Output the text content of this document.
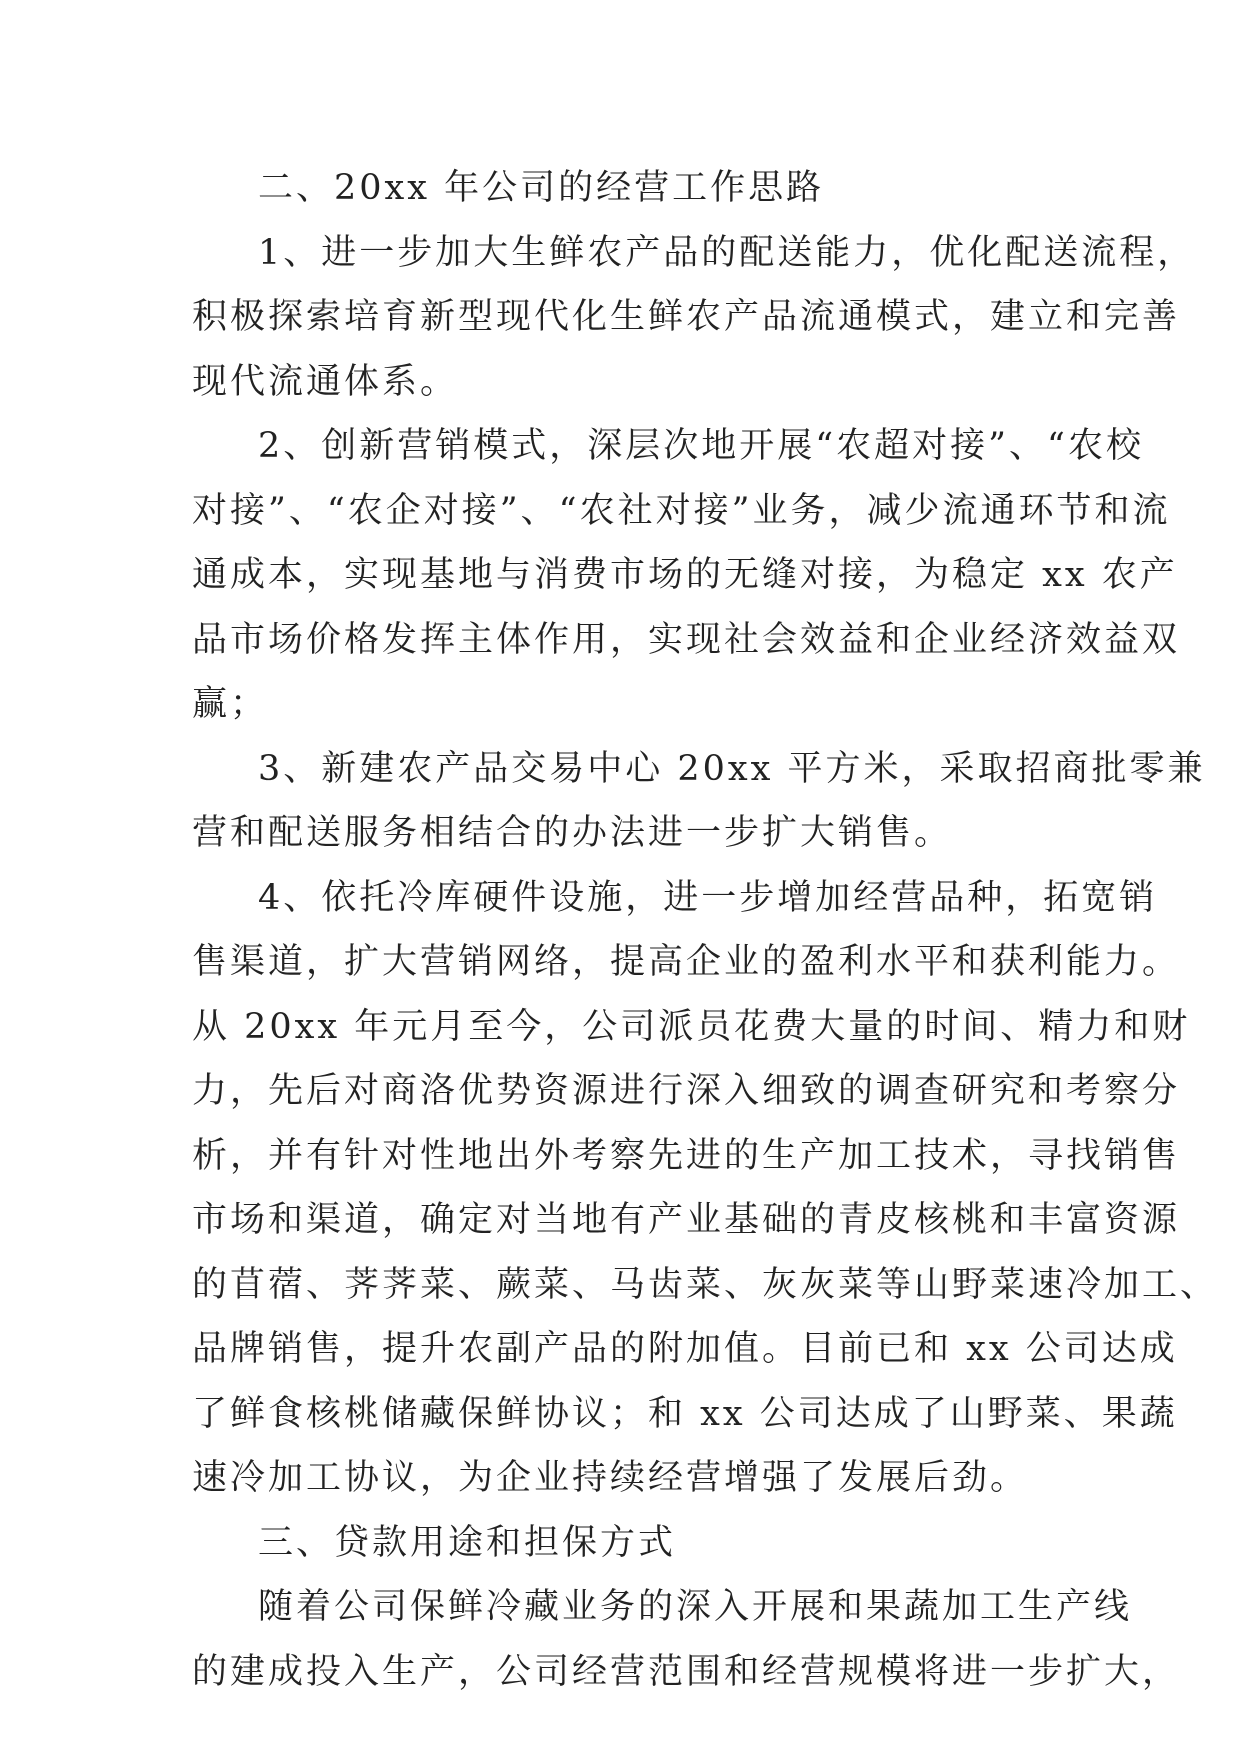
二、20xx 年公司的经营工作思路
1、进一步加大生鲜农产品的配送能力，优化配送流程，
积极探索培育新型现代化生鲜农产品流通模式，建立和完善
现代流通体系。
2、创新营销模式，深层次地开展“农超对接”、“农校
对接”、“农企对接”、“农社对接”业务，减少流通环节和流
通成本，实现基地与消费市场的无缝对接，为稳定 xx 农产
品市场价格发挥主体作用，实现社会效益和企业经济效益双
赢；
3、新建农产品交易中心 20xx 平方米，采取招商批零兼
营和配送服务相结合的办法进一步扩大销售。
4、依托冷库硬件设施，进一步增加经营品种，拓宽销
售渠道，扩大营销网络，提高企业的盈利水平和获利能力。
从 20xx 年元月至今，公司派员花费大量的时间、精力和财
力，先后对商洛优势资源进行深入细致的调查研究和考察分
析，并有针对性地出外考察先进的生产加工技术，寻找销售
市场和渠道，确定对当地有产业基础的青皮核桃和丰富资源
的苜蓿、荠荠菜、蕨菜、马齿菜、灰灰菜等山野菜速冷加工、
品牌销售，提升农副产品的附加值。目前已和 xx 公司达成
了鲜食核桃储藏保鲜协议；和 xx 公司达成了山野菜、果蔬
速冷加工协议，为企业持续经营增强了发展后劲。
三、贷款用途和担保方式
随着公司保鲜冷藏业务的深入开展和果蔬加工生产线
的建成投入生产，公司经营范围和经营规模将进一步扩大，
